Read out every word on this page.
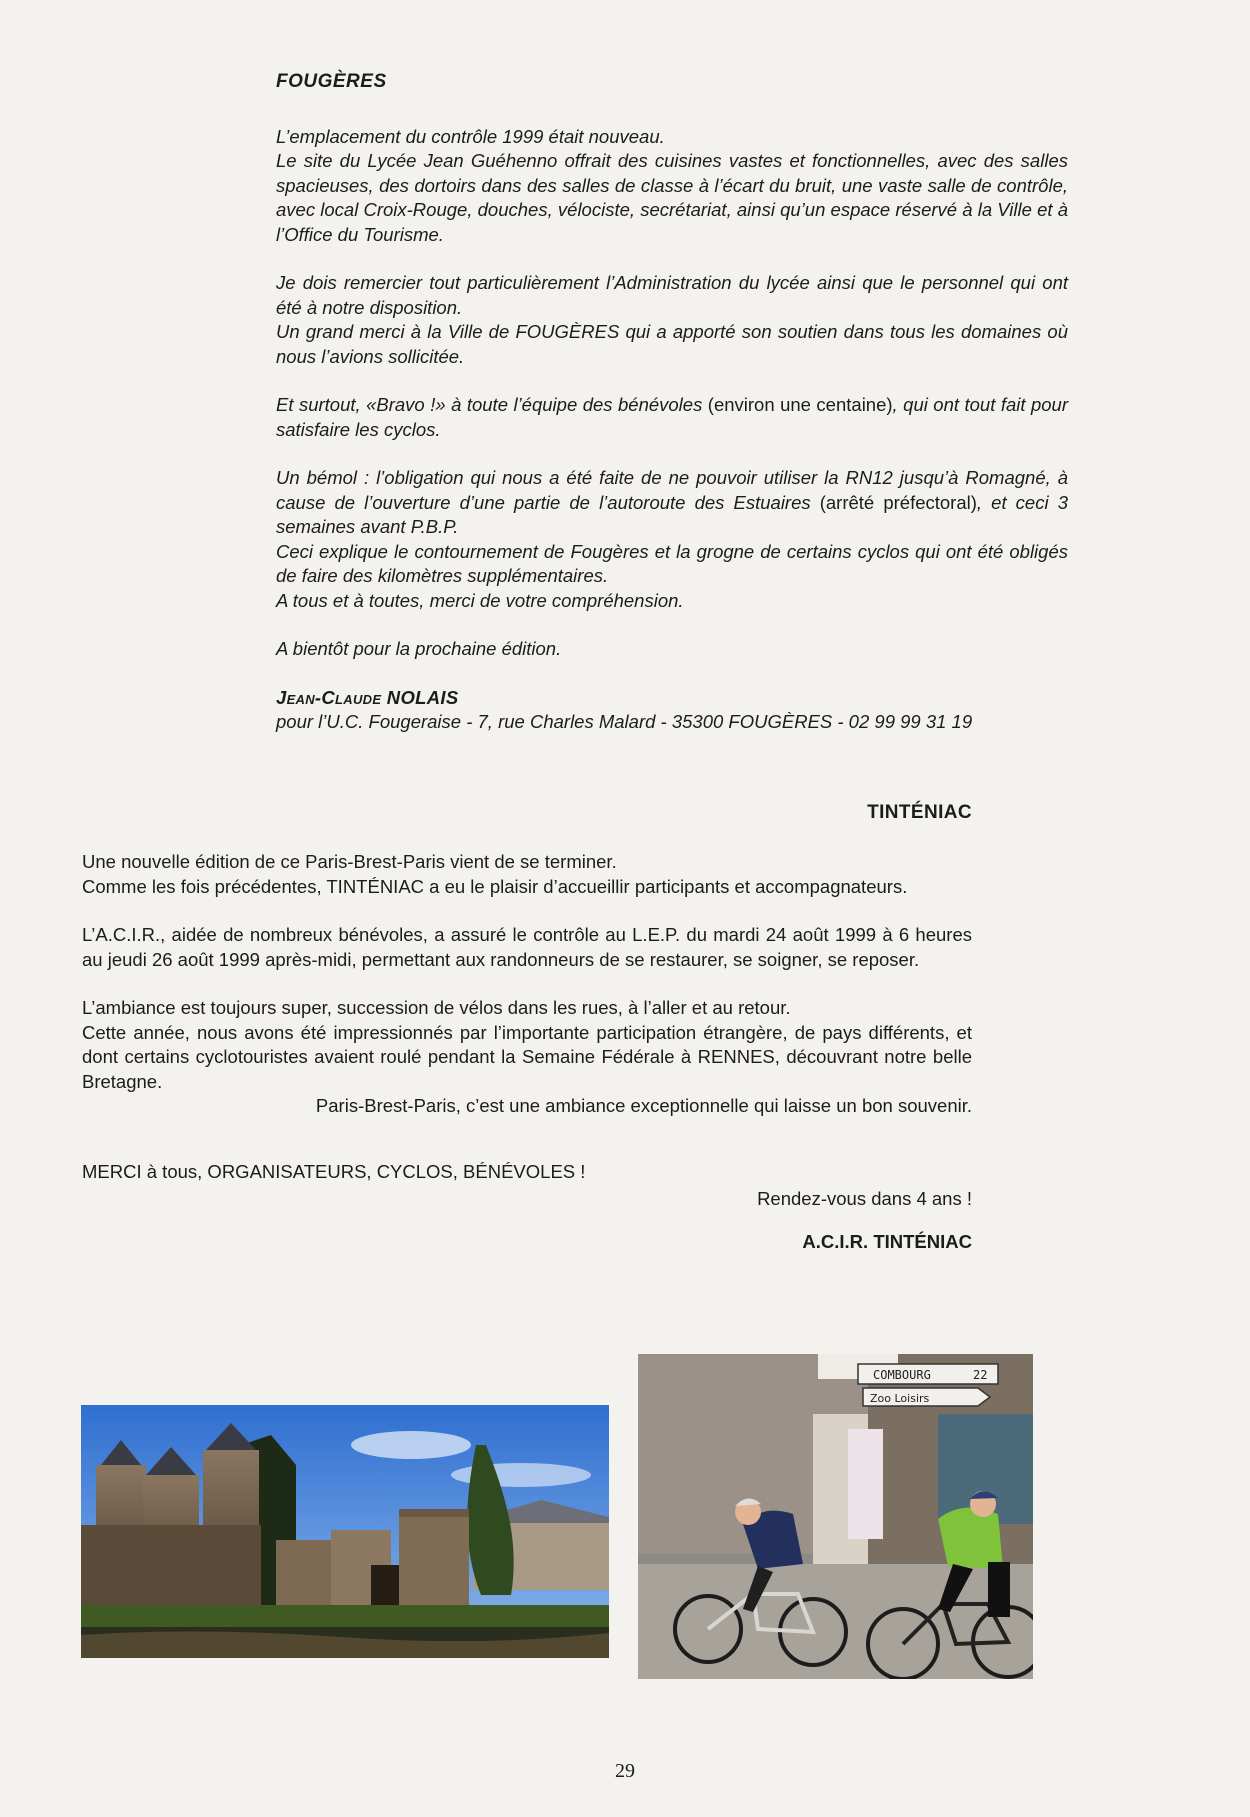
FOUGÈRES

L’emplacement du contrôle 1999 était nouveau.

Le site du Lycée Jean Guéhenno offrait des cuisines vastes et fonctionnelles, avec des salles spacieuses, des dortoirs dans des salles de classe à l’écart du bruit, une vaste salle de contrôle, avec local Croix-Rouge, douches, vélociste, secrétariat, ainsi qu’un espace réservé à la Ville et à l’Office du Tourisme.

Je dois remercier tout particulièrement l’Administration du lycée ainsi que le personnel qui ont été à notre disposition.

Un grand merci à la Ville de FOUGÈRES qui a apporté son soutien dans tous les domaines où nous l’avions sollicitée.

Et surtout, «Bravo !» à toute l’équipe des bénévoles (environ une centaine), qui ont tout fait pour satisfaire les cyclos.

Un bémol : l’obligation qui nous a été faite de ne pouvoir utiliser la RN12 jusqu’à Romagné, à cause de l’ouverture d’une partie de l’autoroute des Estuaires (arrêté préfectoral), et ceci 3 semaines avant P.B.P.

Ceci explique le contournement de Fougères et la grogne de certains cyclos qui ont été obligés de faire des kilomètres supplémentaires.

A tous et à toutes, merci de votre compréhension.

A bientôt pour la prochaine édition.

Jean-Claude NOLAIS
pour l’U.C. Fougeraise - 7, rue Charles Malard - 35300 FOUGÈRES - 02 99 99 31 19
TINTÉNIAC

Une nouvelle édition de ce Paris-Brest-Paris vient de se terminer.

Comme les fois précédentes, TINTÉNIAC a eu le plaisir d’accueillir participants et accompagnateurs.

L’A.C.I.R., aidée de nombreux bénévoles, a assuré le contrôle au L.E.P. du mardi 24 août 1999 à 6 heures au jeudi 26 août 1999 après-midi, permettant aux randonneurs de se restaurer, se soigner, se reposer.

L’ambiance est toujours super, succession de vélos dans les rues, à l’aller et au retour.

Cette année, nous avons été impressionnés par l’importante participation étrangère, de pays différents, et dont certains cyclotouristes avaient roulé pendant la Semaine Fédérale à RENNES, découvrant notre belle Bretagne.

Paris-Brest-Paris, c’est une ambiance exceptionnelle qui laisse un bon souvenir.

MERCI à tous, ORGANISATEURS, CYCLOS, BÉNÉVOLES !
Rendez-vous dans 4 ans !
A.C.I.R. TINTÉNIAC
COMBOURG	22
Zoo Loisirs
29
